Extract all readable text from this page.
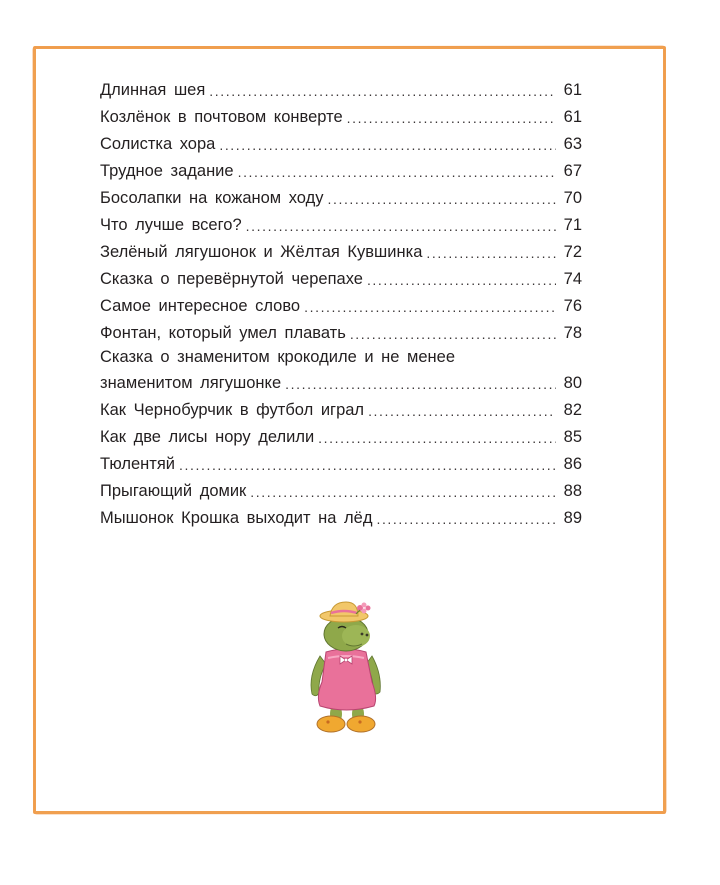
Длинная шея .....	61
Козлёнок в почтовом конверте .....	61
Солистка хора .....	63
Трудное задание .....	67
Босолапки на кожаном ходу .....	70
Что лучше всего? .....	71
Зелёный лягушонок и Жёлтая Кувшинка .....	72
Сказка о перевёрнутой черепахе .....	74
Самое интересное слово .....	76
Фонтан, который умел плавать .....	78
Сказка о знаменитом крокодиле и не менее
знаменитом лягушонке .....	80
Как Чернобурчик в футбол играл .....	82
Как две лисы нору делили .....	85
Тюлентяй .....	86
Прыгающий домик .....	88
Мышонок Крошка выходит на лёд .....	89
